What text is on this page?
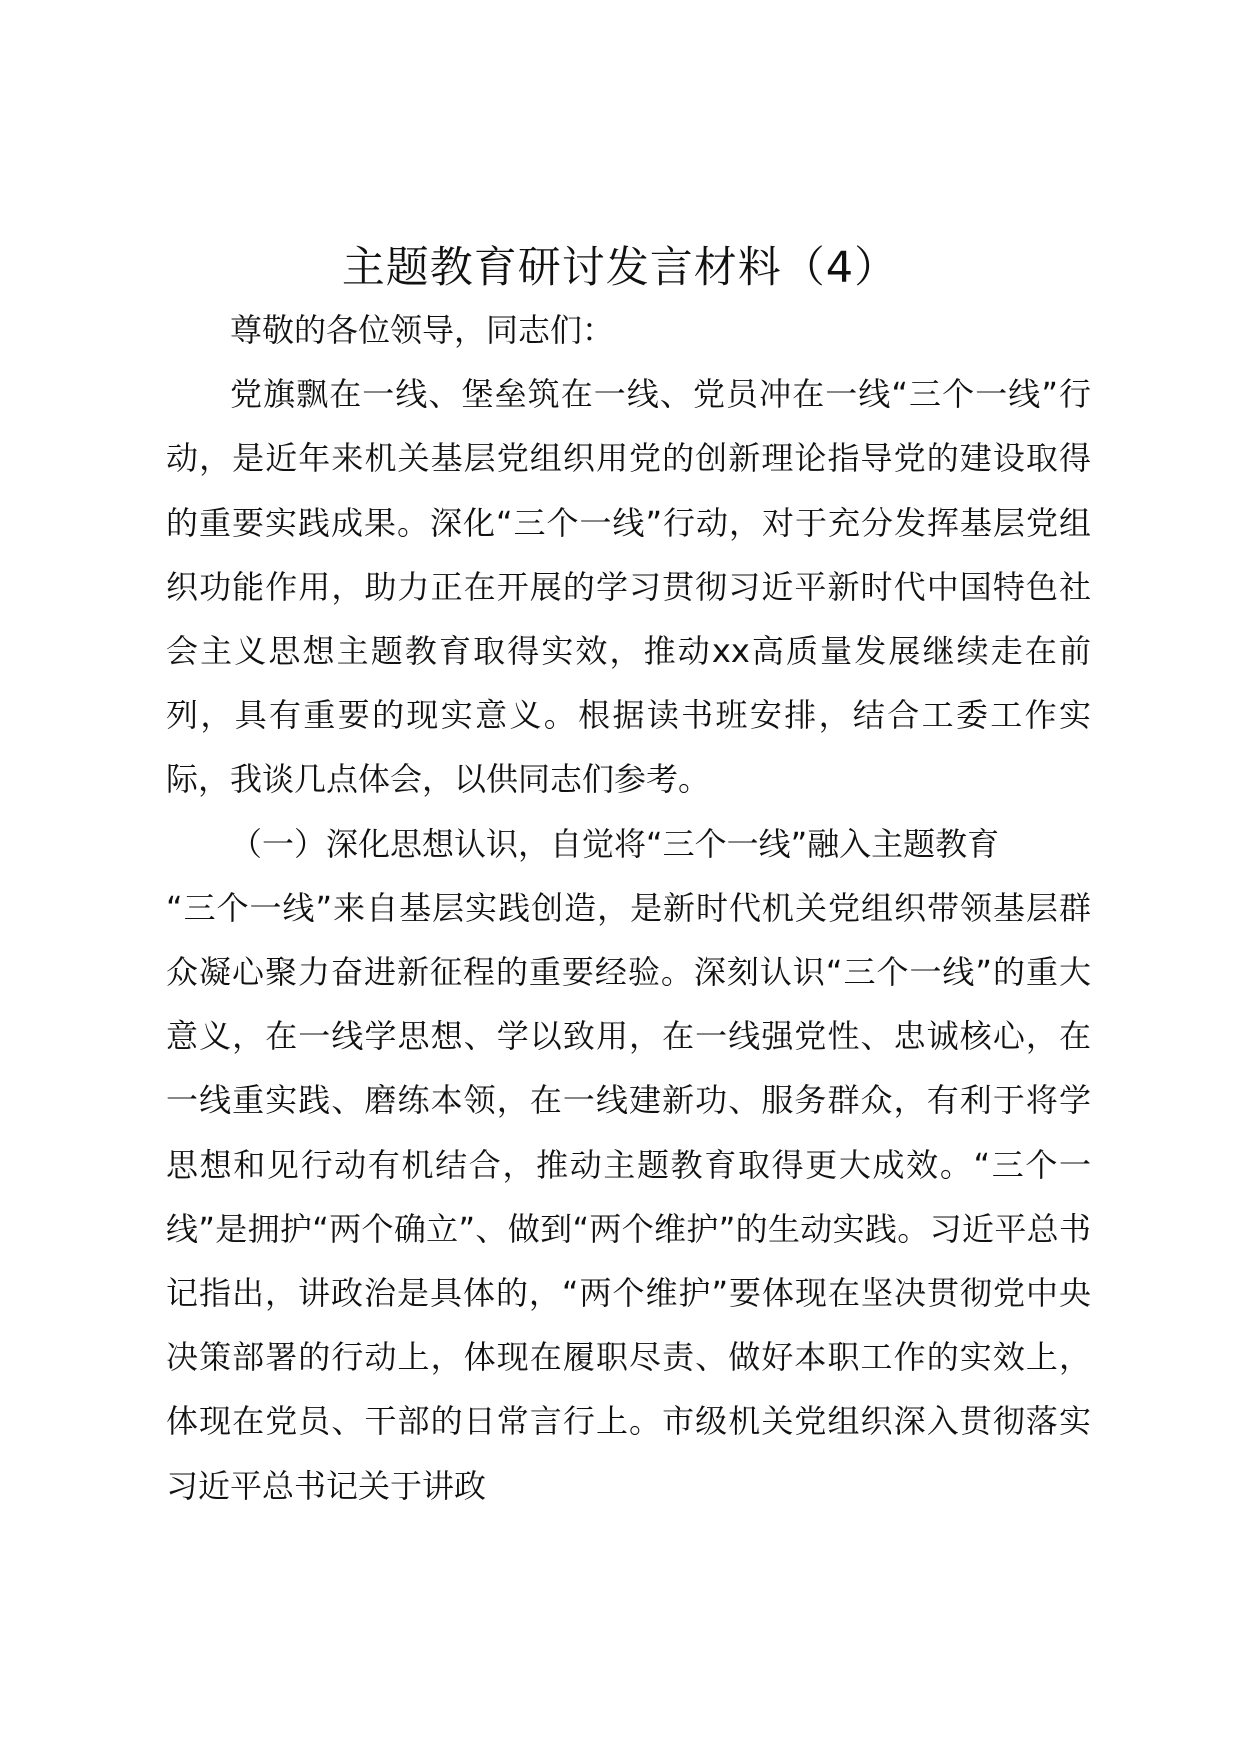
主题教育研讨发言材料（4）

尊敬的各位领导，同志们：

党旗飘在一线、堡垒筑在一线、党员冲在一线“三个一线”行动，是近年来机关基层党组织用党的创新理论指导党的建设取得的重要实践成果。深化“三个一线”行动，对于充分发挥基层党组织功能作用，助力正在开展的学习贯彻习近平新时代中国特色社会主义思想主题教育取得实效，推动xx高质量发展继续走在前列，具有重要的现实意义。根据读书班安排，结合工委工作实际，我谈几点体会，以供同志们参考。

（一）深化思想认识，自觉将“三个一线”融入主题教育

“三个一线”来自基层实践创造，是新时代机关党组织带领基层群众凝心聚力奋进新征程的重要经验。深刻认识“三个一线”的重大意义，在一线学思想、学以致用，在一线强党性、忠诚核心，在一线重实践、磨练本领，在一线建新功、服务群众，有利于将学思想和见行动有机结合，推动主题教育取得更大成效。“三个一线”是拥护“两个确立”、做到“两个维护”的生动实践。习近平总书记指出，讲政治是具体的，“两个维护”要体现在坚决贯彻党中央决策部署的行动上，体现在履职尽责、做好本职工作的实效上，体现在党员、干部的日常言行上。市级机关党组织深入贯彻落实习近平总书记关于讲政
